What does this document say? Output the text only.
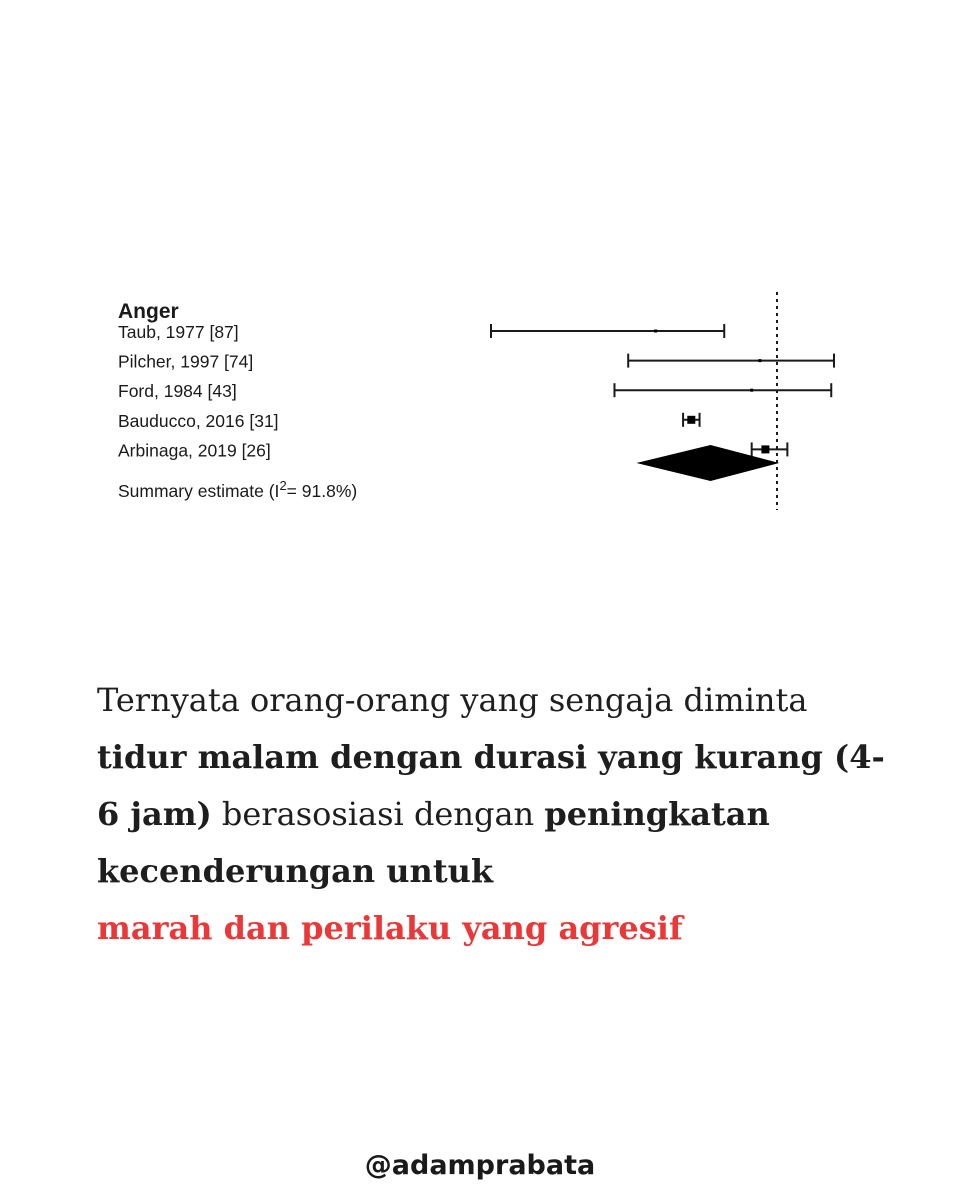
Anger
Taub, 1977 [87]
Pilcher, 1997 [74]
Ford, 1984 [43]
Bauducco, 2016 [31]
Arbinaga, 2019 [26]
Summary estimate $(I^2= 91.8\%)$
Ternyata orang-orang yang sengaja diminta tidur malam dengan durasi yang kurang (4-6 jam) berasosiasi dengan peningkatan kecenderungan untuk
marah dan perilaku yang agresif
@adamprabata
